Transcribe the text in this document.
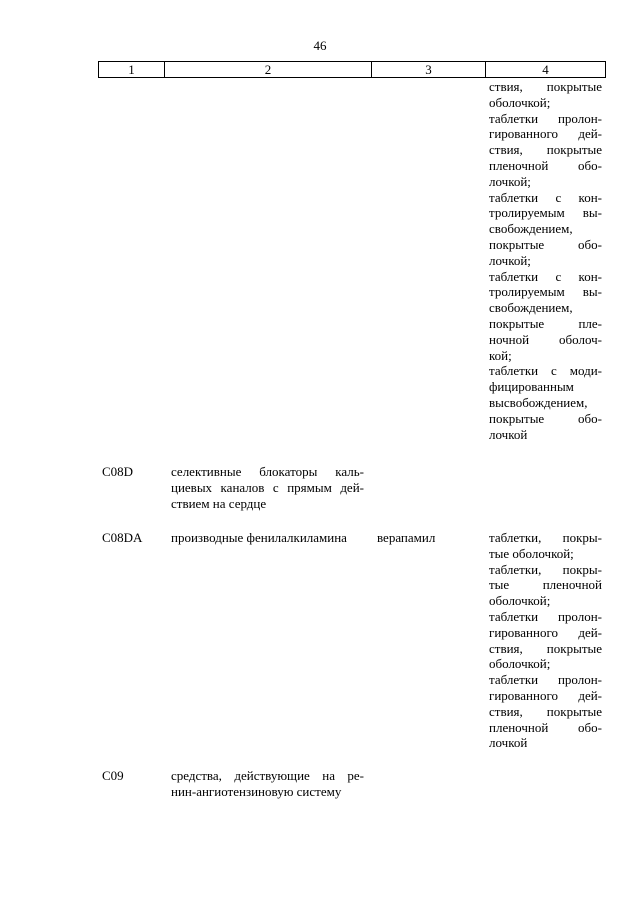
46
1	2	3	4
ствия, покрытые
оболочкой;
таблетки пролон-
гированного дей-
ствия, покрытые
пленочной обо-
лочкой;
таблетки с кон-
тролируемым вы-
свобождением,
покрытые обо-
лочкой;
таблетки с кон-
тролируемым вы-
свобождением,
покрытые пле-
ночной оболоч-
кой;
таблетки с моди-
фицированным
высвобождением,
покрытые обо-
лочкой
C08D	селективные блокаторы каль-
циевых каналов с прямым дей-
ствием на сердце
C08DA производные фенилалкиламина	верапамил	таблетки, покры-
тые оболочкой;
таблетки, покры-
тые пленочной
оболочкой;
таблетки пролон-
гированного дей-
ствия, покрытые
оболочкой;
таблетки пролон-
гированного дей-
ствия, покрытые
пленочной обо-
лочкой
C09	средства, действующие на ре-
нин-ангиотензиновую систему
